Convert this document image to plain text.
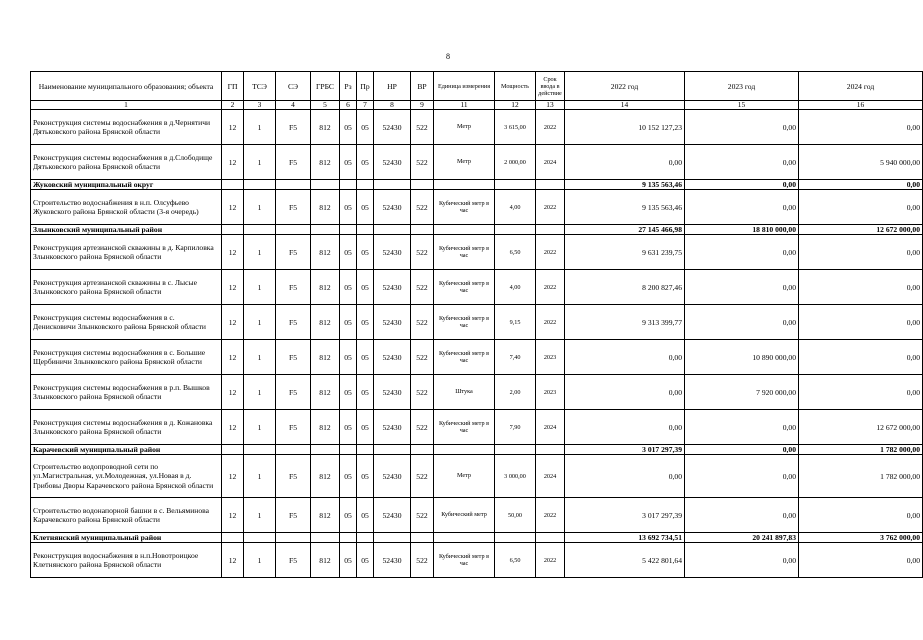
8
Наименование муниципального образования; объекта	ГП	ТСЭ	СЭ	ГРБС	Рз	Пр	НР	ВР	Единица измерения	Мощность	Срок ввода в действие	2022 год	2023 год	2024 год
1	2	3	4	5	6	7	8	9	11	12	13	14	15	16
Реконструкция системы водоснабжения в д.Чернятичи Дятьковского района Брянской области	12	1	F5	812	05	05	52430	522	Метр	3 615,00	2022	10 152 127,23	0,00	0,00
Реконструкция системы водоснабжения в д.Слободище Дятьковского района Брянской области	12	1	F5	812	05	05	52430	522	Метр	2 000,00	2024	0,00	0,00	5 940 000,00
Жуковский муниципальный округ												9 135 563,46	0,00	0,00
Строительство водоснабжения в н.п. Олсуфьево Жуковского района Брянской области (3-я очередь)	12	1	F5	812	05	05	52430	522	Кубический метр в час	4,00	2022	9 135 563,46	0,00	0,00
Злынковский муниципальный район												27 145 466,98	18 810 000,00	12 672 000,00
Реконструкция артезианской скважины в д. Карпиловка Злынковского района Брянской области	12	1	F5	812	05	05	52430	522	Кубический метр в час	6,50	2022	9 631 239,75	0,00	0,00
Реконструкция артезианской скважины в с. Лысые Злынковского района Брянской области	12	1	F5	812	05	05	52430	522	Кубический метр в час	4,00	2022	8 200 827,46	0,00	0,00
Реконструкция системы водоснабжения в с. Денисковичи Злынковского района Брянской области	12	1	F5	812	05	05	52430	522	Кубический метр в час	9,15	2022	9 313 399,77	0,00	0,00
Реконструкция системы водоснабжения в с. Большие Щербиничи Злынковского района Брянской области	12	1	F5	812	05	05	52430	522	Кубический метр в час	7,40	2023	0,00	10 890 000,00	0,00
Реконструкция системы водоснабжения в р.п. Вышков Злынковского района Брянской области	12	1	F5	812	05	05	52430	522	Штука	2,00	2023	0,00	7 920 000,00	0,00
Реконструкция системы водоснабжения в д. Кожановка Злынковского района Брянской области	12	1	F5	812	05	05	52430	522	Кубический метр в час	7,90	2024	0,00	0,00	12 672 000,00
Карачевский муниципальный район												3 017 297,39	0,00	1 782 000,00
Строительство водопроводной сети по ул.Магистральная, ул.Молодежная, ул.Новая в д. Грибовы Дворы Карачевского района Брянской области	12	1	F5	812	05	05	52430	522	Метр	3 000,00	2024	0,00	0,00	1 782 000,00
Строительство водонапорной башни в с. Вельяминова Карачевского района Брянской области	12	1	F5	812	05	05	52430	522	Кубический метр	50,00	2022	3 017 297,39	0,00	0,00
Клетнянский муниципальный район												13 692 734,51	20 241 897,83	3 762 000,00
Реконструкция водоснабжения в н.п.Новотроицкое Клетнянского района Брянской области	12	1	F5	812	05	05	52430	522	Кубический метр в час	6,50	2022	5 422 801,64	0,00	0,00
